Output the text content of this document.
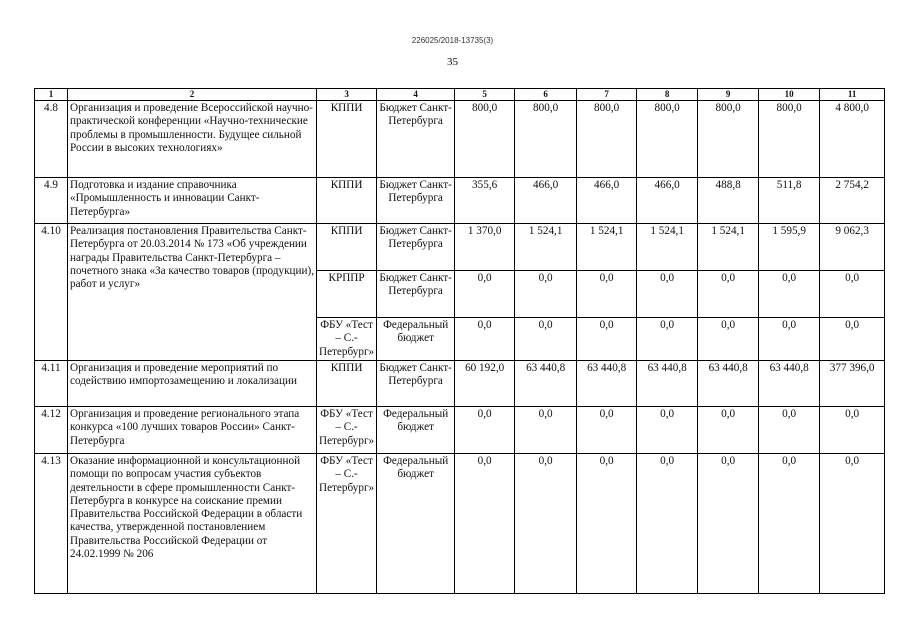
226025/2018-13735(3)
35
1	2	3	4	5	6	7	8	9	10	11
4.8	Организация и проведение Всероссийской научно-практической конференции «Научно-технические проблемы в промышленности. Будущее сильной России в высоких технологиях»	КППИ	Бюджет Санкт-Петербурга	800,0	800,0	800,0	800,0	800,0	800,0	4 800,0
4.9	Подготовка и издание справочника «Промышленность и инновации Санкт-Петербурга»	КППИ	Бюджет Санкт-Петербурга	355,6	466,0	466,0	466,0	488,8	511,8	2 754,2
4.10	Реализация постановления Правительства Санкт-Петербурга от 20.03.2014 № 173 «Об учреждении награды Правительства Санкт-Петербурга – почетного знака «За качество товаров (продукции), работ и услуг»	КППИ	Бюджет Санкт-Петербурга	1 370,0	1 524,1	1 524,1	1 524,1	1 524,1	1 595,9	9 062,3
		КРППР	Бюджет Санкт-Петербурга	0,0	0,0	0,0	0,0	0,0	0,0	0,0
		ФБУ «Тест – С.-Петербург»	Федеральный бюджет	0,0	0,0	0,0	0,0	0,0	0,0	0,0
4.11	Организация и проведение мероприятий по содействию импортозамещению и локализации	КППИ	Бюджет Санкт-Петербурга	60 192,0	63 440,8	63 440,8	63 440,8	63 440,8	63 440,8	377 396,0
4.12	Организация и проведение регионального этапа конкурса «100 лучших товаров России» Санкт-Петербурга	ФБУ «Тест – С.-Петербург»	Федеральный бюджет	0,0	0,0	0,0	0,0	0,0	0,0	0,0
4.13	Оказание информационной и консультационной помощи по вопросам участия субъектов деятельности в сфере промышленности Санкт-Петербурга в конкурсе на соискание премии Правительства Российской Федерации в области качества, утвержденной постановлением Правительства Российской Федерации от 24.02.1999 № 206	ФБУ «Тест – С.-Петербург»	Федеральный бюджет	0,0	0,0	0,0	0,0	0,0	0,0	0,0
